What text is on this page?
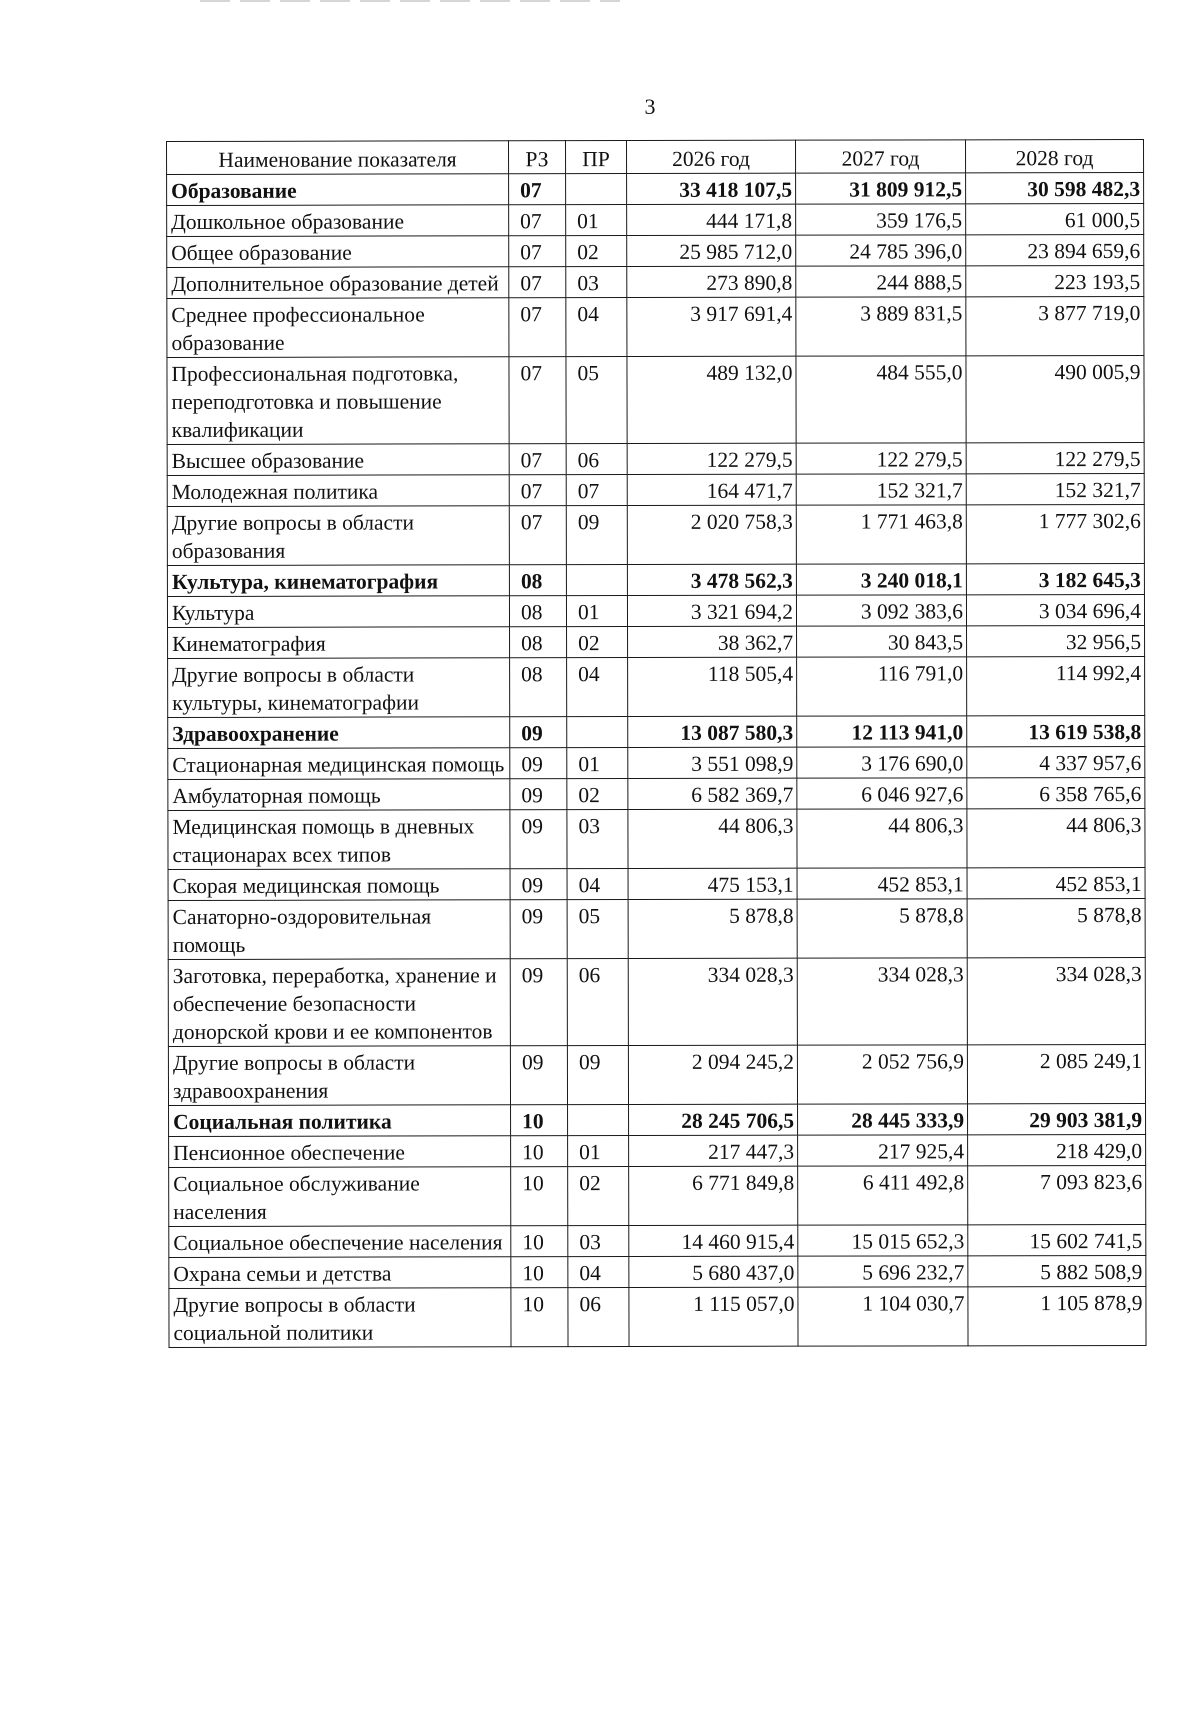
3
Наименование показателя	РЗ	ПР	2026 год	2027 год	2028 год
Образование	07		33 418 107,5	31 809 912,5	30 598 482,3
Дошкольное образование	07	01	444 171,8	359 176,5	61 000,5
Общее образование	07	02	25 985 712,0	24 785 396,0	23 894 659,6
Дополнительное образование детей	07	03	273 890,8	244 888,5	223 193,5
Среднее профессиональное образование	07	04	3 917 691,4	3 889 831,5	3 877 719,0
Профессиональная подготовка, переподготовка и повышение квалификации	07	05	489 132,0	484 555,0	490 005,9
Высшее образование	07	06	122 279,5	122 279,5	122 279,5
Молодежная политика	07	07	164 471,7	152 321,7	152 321,7
Другие вопросы в области образования	07	09	2 020 758,3	1 771 463,8	1 777 302,6
Культура, кинематография	08		3 478 562,3	3 240 018,1	3 182 645,3
Культура	08	01	3 321 694,2	3 092 383,6	3 034 696,4
Кинематография	08	02	38 362,7	30 843,5	32 956,5
Другие вопросы в области культуры, кинематографии	08	04	118 505,4	116 791,0	114 992,4
Здравоохранение	09		13 087 580,3	12 113 941,0	13 619 538,8
Стационарная медицинская помощь	09	01	3 551 098,9	3 176 690,0	4 337 957,6
Амбулаторная помощь	09	02	6 582 369,7	6 046 927,6	6 358 765,6
Медицинская помощь в дневных стационарах всех типов	09	03	44 806,3	44 806,3	44 806,3
Скорая медицинская помощь	09	04	475 153,1	452 853,1	452 853,1
Санаторно-оздоровительная помощь	09	05	5 878,8	5 878,8	5 878,8
Заготовка, переработка, хранение и обеспечение безопасности донорской крови и ее компонентов	09	06	334 028,3	334 028,3	334 028,3
Другие вопросы в области здравоохранения	09	09	2 094 245,2	2 052 756,9	2 085 249,1
Социальная политика	10		28 245 706,5	28 445 333,9	29 903 381,9
Пенсионное обеспечение	10	01	217 447,3	217 925,4	218 429,0
Социальное обслуживание населения	10	02	6 771 849,8	6 411 492,8	7 093 823,6
Социальное обеспечение населения	10	03	14 460 915,4	15 015 652,3	15 602 741,5
Охрана семьи и детства	10	04	5 680 437,0	5 696 232,7	5 882 508,9
Другие вопросы в области социальной политики	10	06	1 115 057,0	1 104 030,7	1 105 878,9
